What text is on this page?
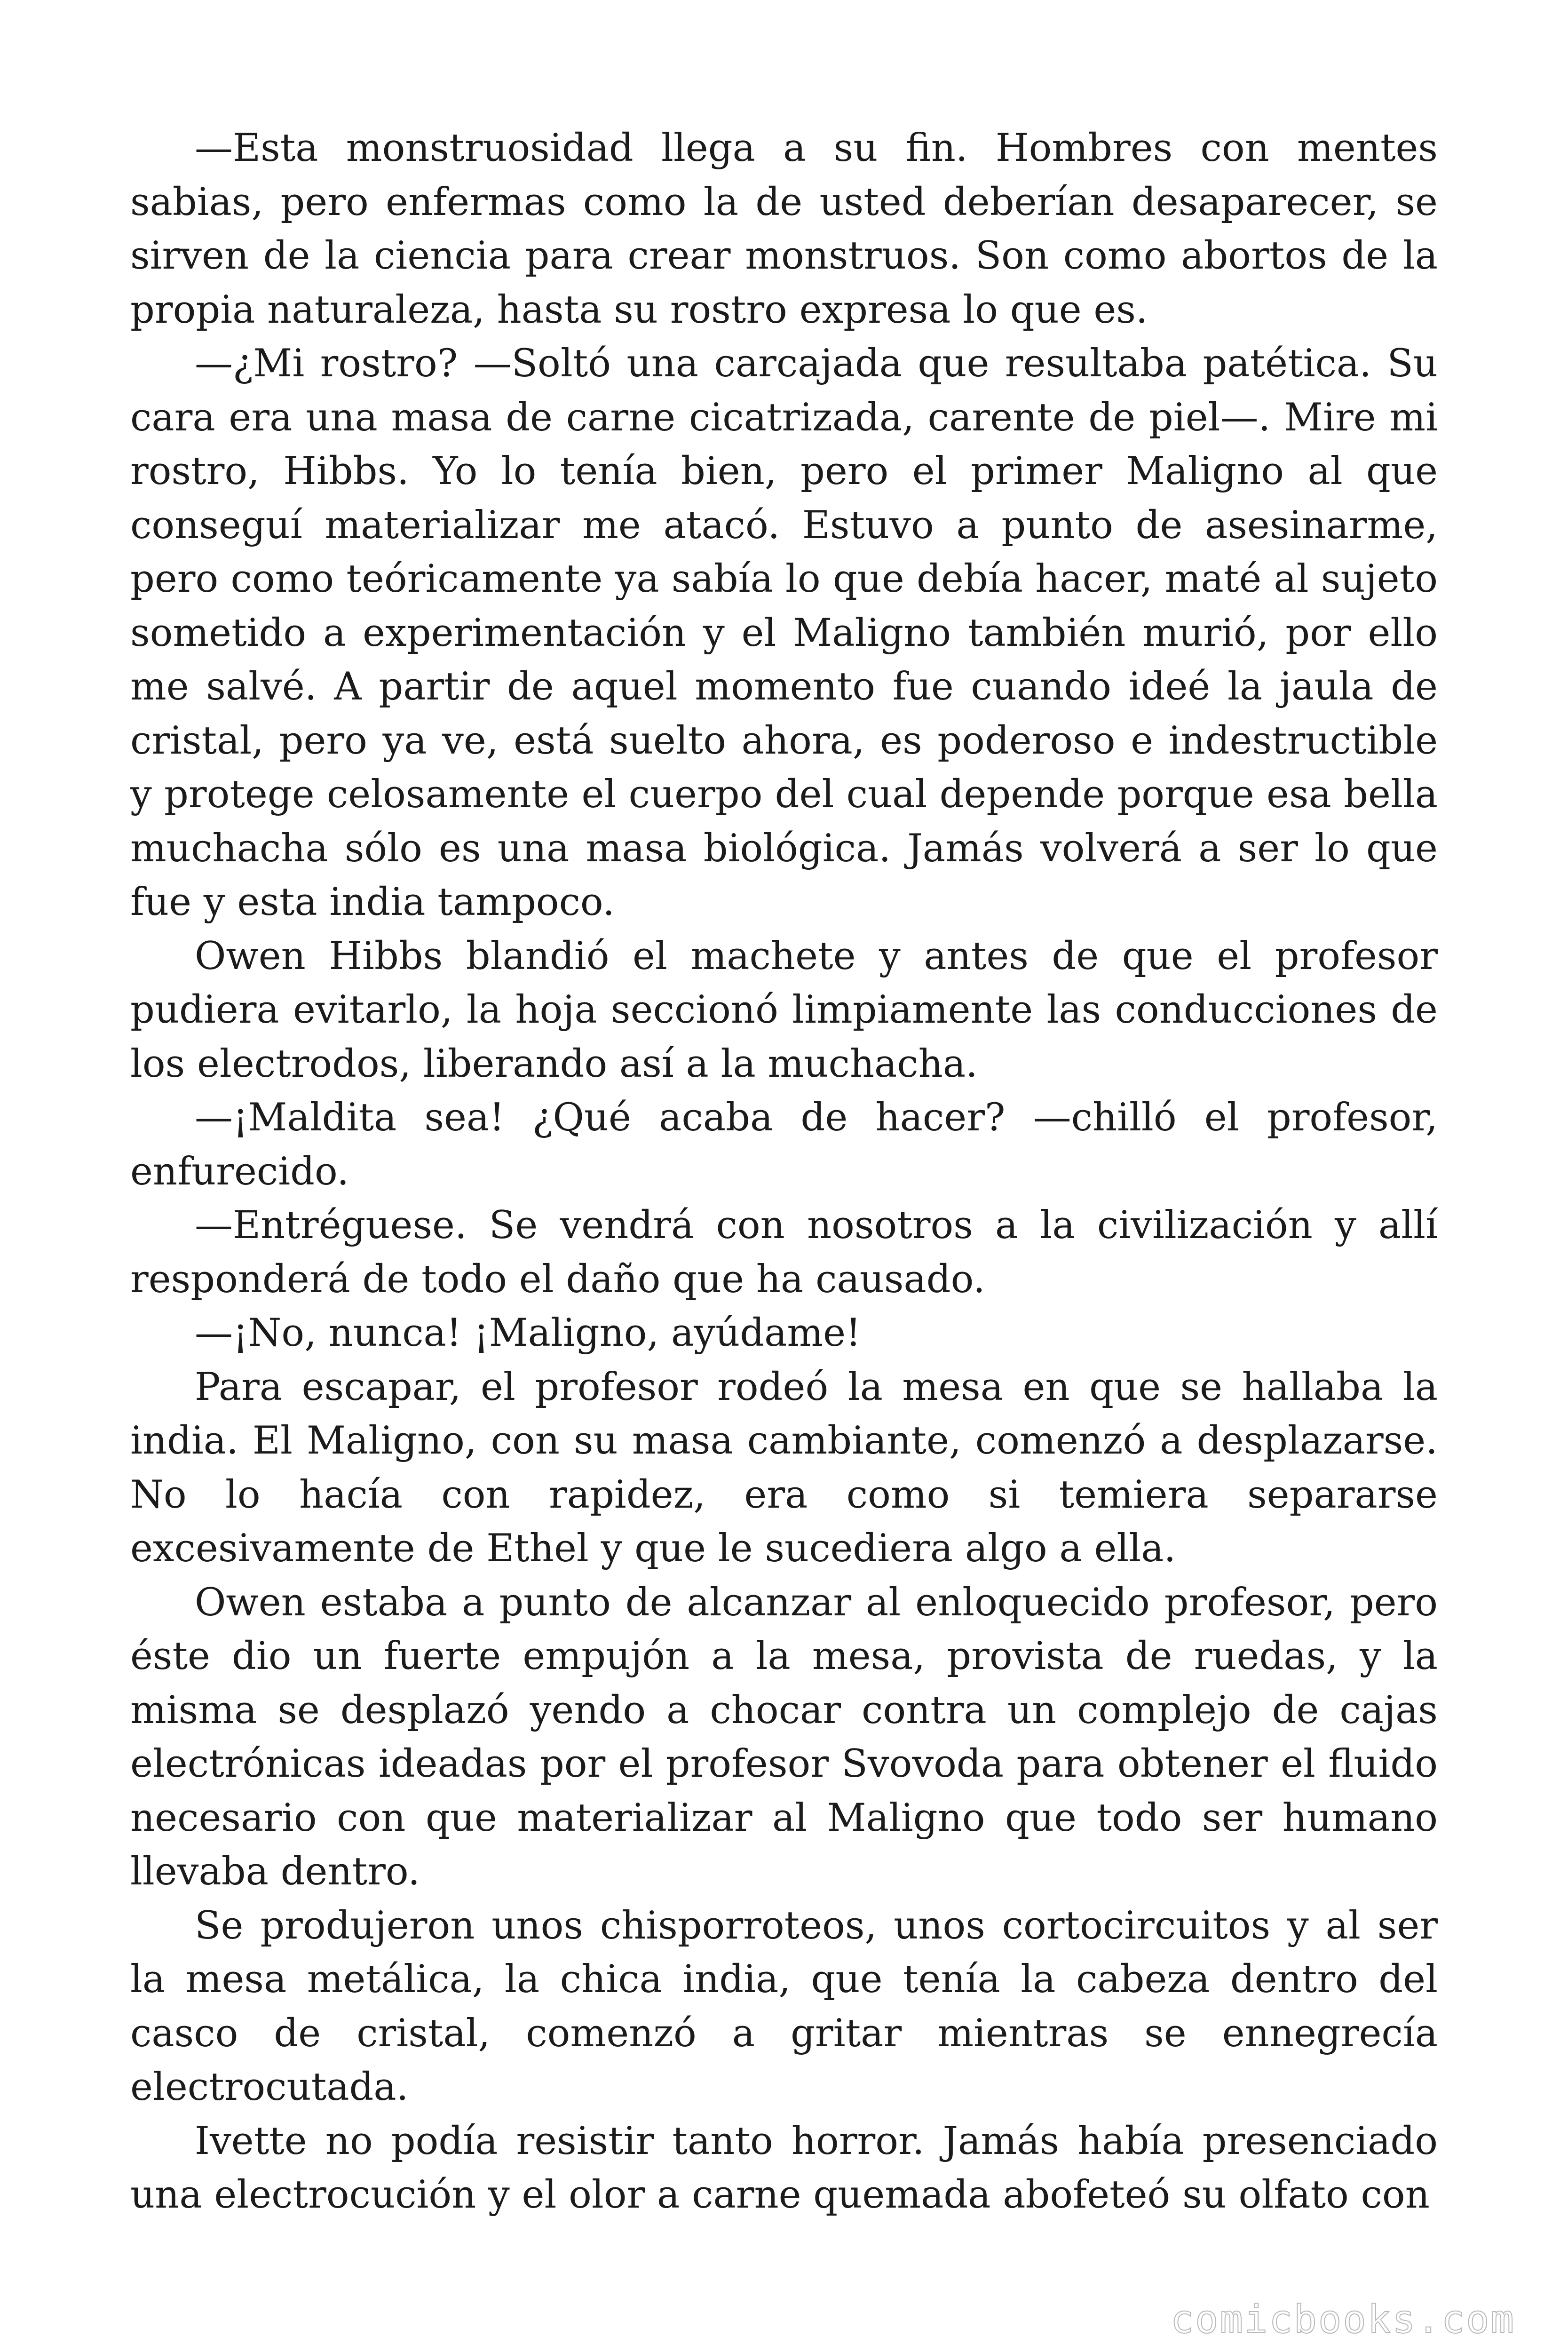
—Esta monstruosidad llega a su fin. Hombres con mentes sabias, pero enfermas como la de usted deberían desaparecer, se sirven de la ciencia para crear monstruos. Son como abortos de la propia naturaleza, hasta su rostro expresa lo que es.

—¿Mi rostro? —Soltó una carcajada que resultaba patética. Su cara era una masa de carne cicatrizada, carente de piel—. Mire mi rostro, Hibbs. Yo lo tenía bien, pero el primer Maligno al que conseguí materializar me atacó. Estuvo a punto de asesinarme, pero como teóricamente ya sabía lo que debía hacer, maté al sujeto sometido a experimentación y el Maligno también murió, por ello me salvé. A partir de aquel momento fue cuando ideé la jaula de cristal, pero ya ve, está suelto ahora, es poderoso e indestructible y protege celosamente el cuerpo del cual depende porque esa bella muchacha sólo es una masa biológica. Jamás volverá a ser lo que fue y esta india tampoco.

Owen Hibbs blandió el machete y antes de que el profesor pudiera evitarlo, la hoja seccionó limpiamente las conducciones de los electrodos, liberando así a la muchacha.

—¡Maldita sea! ¿Qué acaba de hacer? —chilló el profesor, enfurecido.

—Entréguese. Se vendrá con nosotros a la civilización y allí responderá de todo el daño que ha causado.

—¡No, nunca! ¡Maligno, ayúdame!

Para escapar, el profesor rodeó la mesa en que se hallaba la india. El Maligno, con su masa cambiante, comenzó a desplazarse. No lo hacía con rapidez, era como si temiera separarse excesivamente de Ethel y que le sucediera algo a ella.

Owen estaba a punto de alcanzar al enloquecido profesor, pero éste dio un fuerte empujón a la mesa, provista de ruedas, y la misma se desplazó yendo a chocar contra un complejo de cajas electrónicas ideadas por el profesor Svovoda para obtener el fluido necesario con que materializar al Maligno que todo ser humano llevaba dentro.

Se produjeron unos chisporroteos, unos cortocircuitos y al ser la mesa metálica, la chica india, que tenía la cabeza dentro del casco de cristal, comenzó a gritar mientras se ennegrecía electrocutada.

Ivette no podía resistir tanto horror. Jamás había presenciado una electrocución y el olor a carne quemada abofeteó su olfato con

comicbooks.com
